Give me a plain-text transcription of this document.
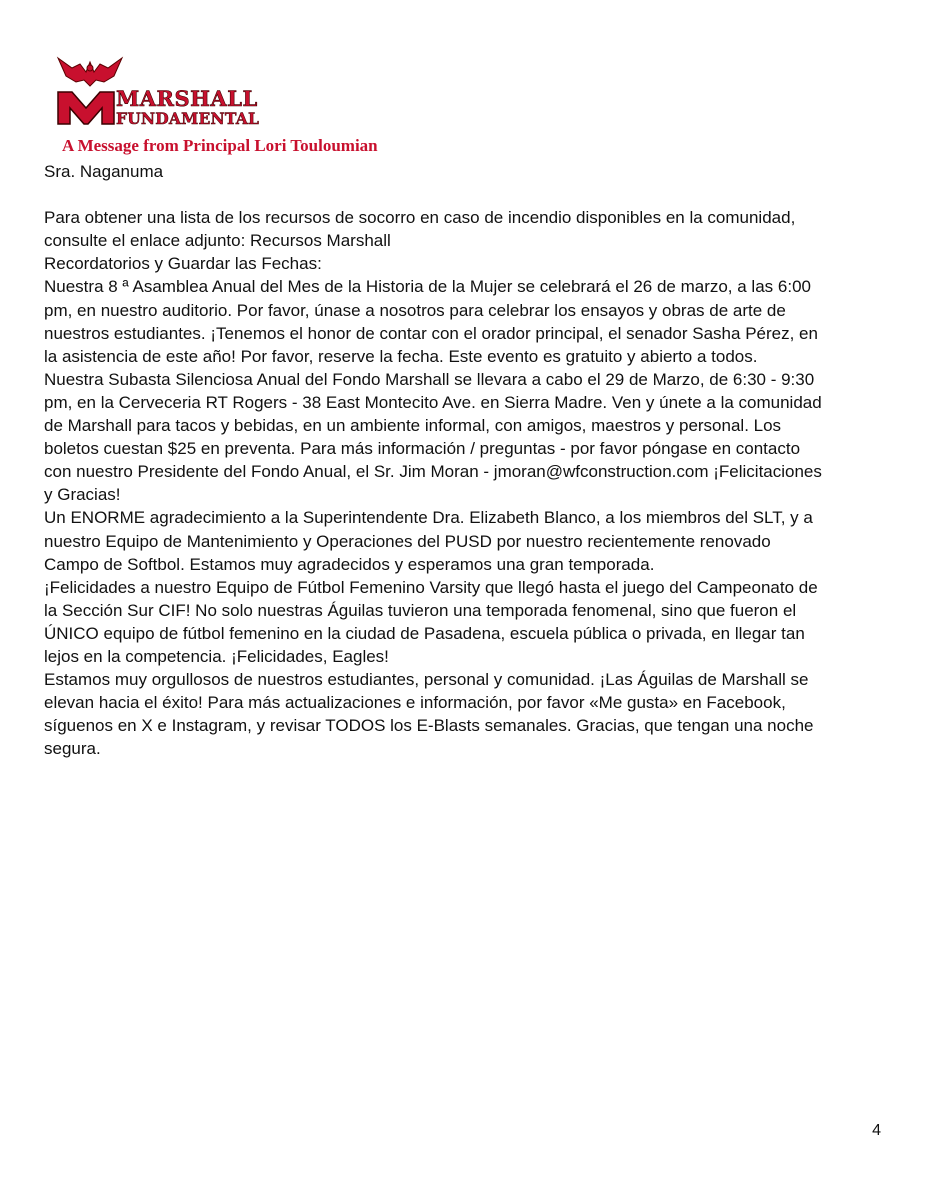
MARSHALL
FUNDAMENTAL
A Message from Principal Lori Touloumian
Sra. Naganuma
Para obtener una lista de los recursos de socorro en caso de incendio disponibles en la comunidad,
consulte el enlace adjunto: Recursos Marshall
Recordatorios y Guardar las Fechas:
Nuestra 8 ª Asamblea Anual del Mes de la Historia de la Mujer se celebrará el 26 de marzo, a las 6:00
pm, en nuestro auditorio. Por favor, únase a nosotros para celebrar los ensayos y obras de arte de
nuestros estudiantes. ¡Tenemos el honor de contar con el orador principal, el senador Sasha Pérez, en
la asistencia de este año! Por favor, reserve la fecha. Este evento es gratuito y abierto a todos.
Nuestra Subasta Silenciosa Anual del Fondo Marshall se llevara a cabo el 29 de Marzo, de 6:30 - 9:30
pm, en la Cerveceria RT Rogers - 38 East Montecito Ave. en Sierra Madre. Ven y únete a la comunidad
de Marshall para tacos y bebidas, en un ambiente informal, con amigos, maestros y personal. Los
boletos cuestan $25 en preventa. Para más información / preguntas - por favor póngase en contacto
con nuestro Presidente del Fondo Anual, el Sr. Jim Moran - jmoran@wfconstruction.com ¡Felicitaciones
y Gracias!
Un ENORME agradecimiento a la Superintendente Dra. Elizabeth Blanco, a los miembros del SLT, y a
nuestro Equipo de Mantenimiento y Operaciones del PUSD por nuestro recientemente renovado
Campo de Softbol. Estamos muy agradecidos y esperamos una gran temporada.
¡Felicidades a nuestro Equipo de Fútbol Femenino Varsity que llegó hasta el juego del Campeonato de
la Sección Sur CIF! No solo nuestras Águilas tuvieron una temporada fenomenal, sino que fueron el
ÚNICO equipo de fútbol femenino en la ciudad de Pasadena, escuela pública o privada, en llegar tan
lejos en la competencia. ¡Felicidades, Eagles!
Estamos muy orgullosos de nuestros estudiantes, personal y comunidad. ¡Las Águilas de Marshall se
elevan hacia el éxito! Para más actualizaciones e información, por favor «Me gusta» en Facebook,
síguenos en X e Instagram, y revisar TODOS los E-Blasts semanales. Gracias, que tengan una noche
segura.
4
